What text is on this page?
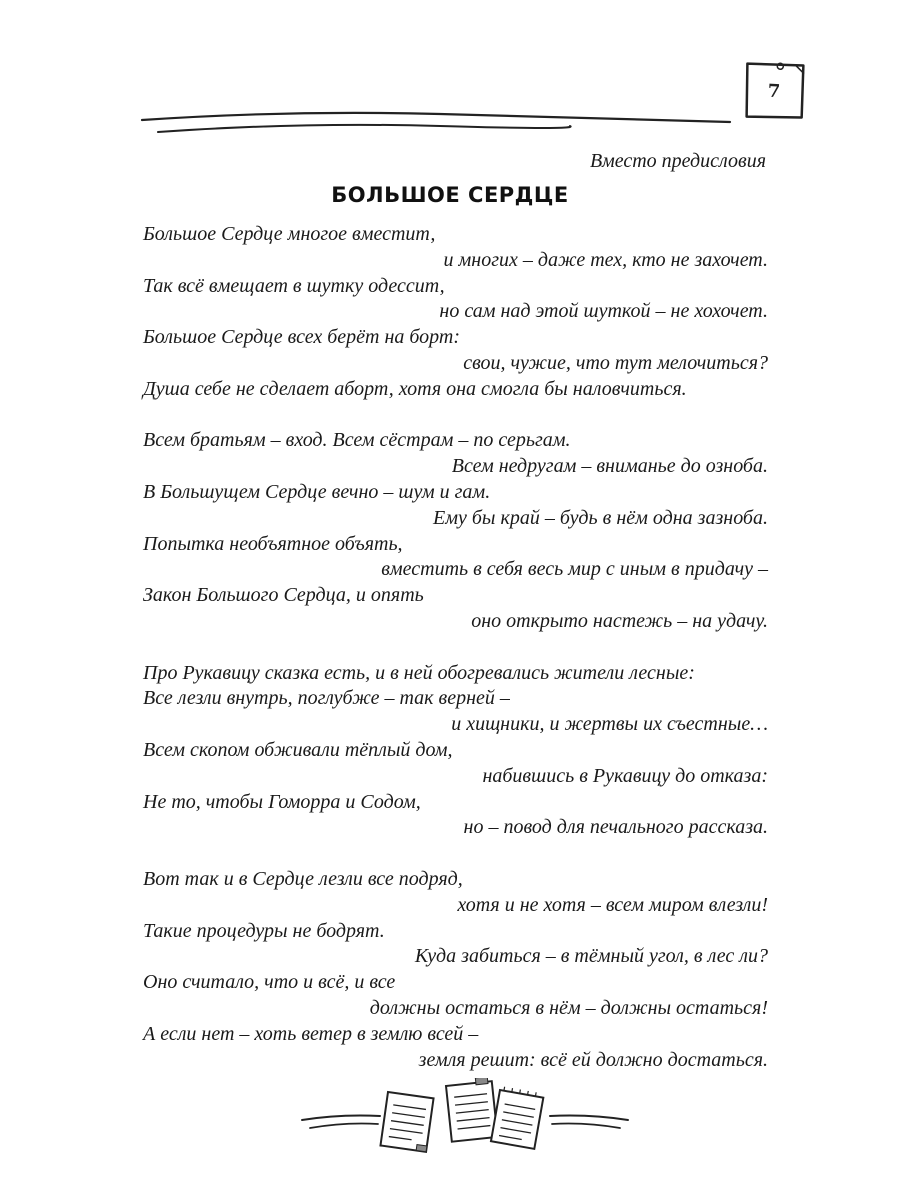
7
Вместо предисловия
БОЛЬШОЕ СЕРДЦЕ
Большое Сердце многое вместит,
и многих – даже тех, кто не захочет.
Так всё вмещает в шутку одессит,
но сам над этой шуткой – не хохочет.
Большое Сердце всех берёт на борт:
свои, чужие, что тут мелочиться?
Душа себе не сделает аборт, хотя она смогла бы наловчиться.
Всем братьям – вход. Всем сёстрам – по серьгам.
Всем недругам – вниманье до озноба.
В Большущем Сердце вечно – шум и гам.
Ему бы край – будь в нём одна зазноба.
Попытка необъятное объять,
вместить в себя весь мир с иным в придачу –
Закон Большого Сердца, и опять
оно открыто настежь – на удачу.
Про Рукавицу сказка есть, и в ней обогревались жители лесные:
Все лезли внутрь, поглубже – так верней –
и хищники, и жертвы их съестные…
Всем скопом обживали тёплый дом,
набившись в Рукавицу до отказа:
Не то, чтобы Гоморра и Содом,
но – повод для печального рассказа.
Вот так и в Сердце лезли все подряд,
хотя и не хотя – всем миром влезли!
Такие процедуры не бодрят.
Куда забиться – в тёмный угол, в лес ли?
Оно считало, что и всё, и все
должны остаться в нём – должны остаться!
А если нет – хоть ветер в землю всей –
земля решит: всё ей должно достаться.
